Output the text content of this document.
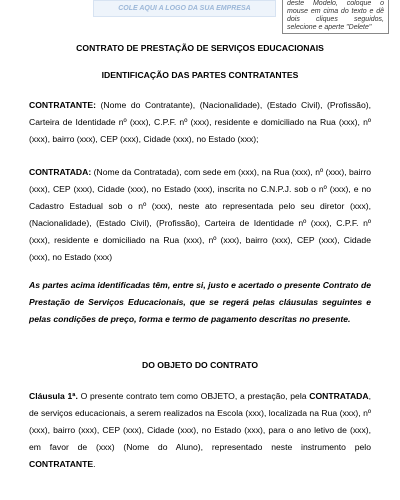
COLE AQUI A LOGO DA SUA EMPRESA
deste Modelo, coloque o mouse em cima do texto e dê dois cliques seguidos, selecione e aperte "Delete"
CONTRATO DE PRESTAÇÃO DE SERVIÇOS EDUCACIONAIS
IDENTIFICAÇÃO DAS PARTES CONTRATANTES

CONTRATANTE: (Nome do Contratante), (Nacionalidade), (Estado Civil), (Profissão), Carteira de Identidade nº (xxx), C.P.F. nº (xxx), residente e domiciliado na Rua (xxx), nº (xxx), bairro (xxx), CEP (xxx), Cidade (xxx), no Estado (xxx);

CONTRATADA: (Nome da Contratada), com sede em (xxx), na Rua (xxx), nº (xxx), bairro (xxx), CEP (xxx), Cidade (xxx), no Estado (xxx), inscrita no C.N.P.J. sob o nº (xxx), e no Cadastro Estadual sob o nº (xxx), neste ato representada pelo seu diretor (xxx), (Nacionalidade), (Estado Civil), (Profissão), Carteira de Identidade nº (xxx), C.P.F. nº (xxx), residente e domiciliado na Rua (xxx), nº (xxx), bairro (xxx), CEP (xxx), Cidade (xxx), no Estado (xxx)

As partes acima identificadas têm, entre si, justo e acertado o presente Contrato de Prestação de Serviços Educacionais, que se regerá pelas cláusulas seguintes e pelas condições de preço, forma e termo de pagamento descritas no presente.

DO OBJETO DO CONTRATO

Cláusula 1ª. O presente contrato tem como OBJETO, a prestação, pela CONTRATADA, de serviços educacionais, a serem realizados na Escola (xxx), localizada na Rua (xxx), nº (xxx), bairro (xxx), CEP (xxx), Cidade (xxx), no Estado (xxx), para o ano letivo de (xxx), em favor de (xxx) (Nome do Aluno), representado neste instrumento pelo CONTRATANTE.
